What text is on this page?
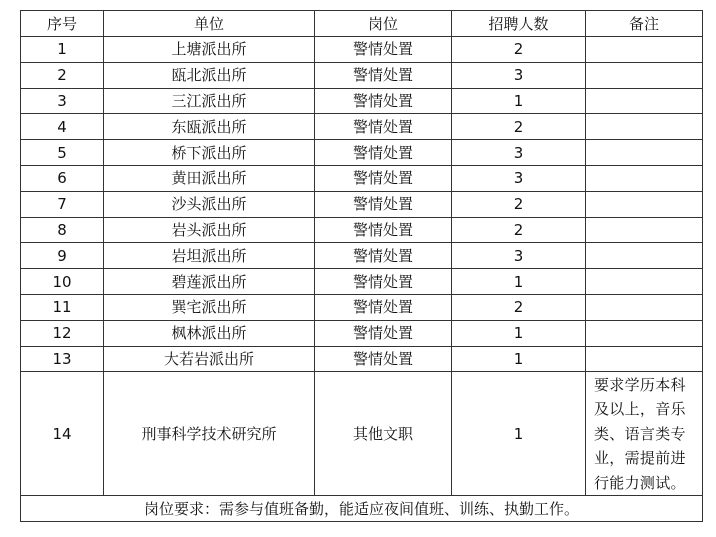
序号	单位	岗位	招聘人数	备注
1	上塘派出所	警情处置	2	
2	瓯北派出所	警情处置	3	
3	三江派出所	警情处置	1	
4	东瓯派出所	警情处置	2	
5	桥下派出所	警情处置	3	
6	黄田派出所	警情处置	3	
7	沙头派出所	警情处置	2	
8	岩头派出所	警情处置	2	
9	岩坦派出所	警情处置	3	
10	碧莲派出所	警情处置	1	
11	巽宅派出所	警情处置	2	
12	枫林派出所	警情处置	1	
13	大若岩派出所	警情处置	1	
14	刑事科学技术研究所	其他文职	1	要求学历本科及以上，音乐类、语言类专业，需提前进行能力测试。
岗位要求：需参与值班备勤，能适应夜间值班、训练、执勤工作。				
